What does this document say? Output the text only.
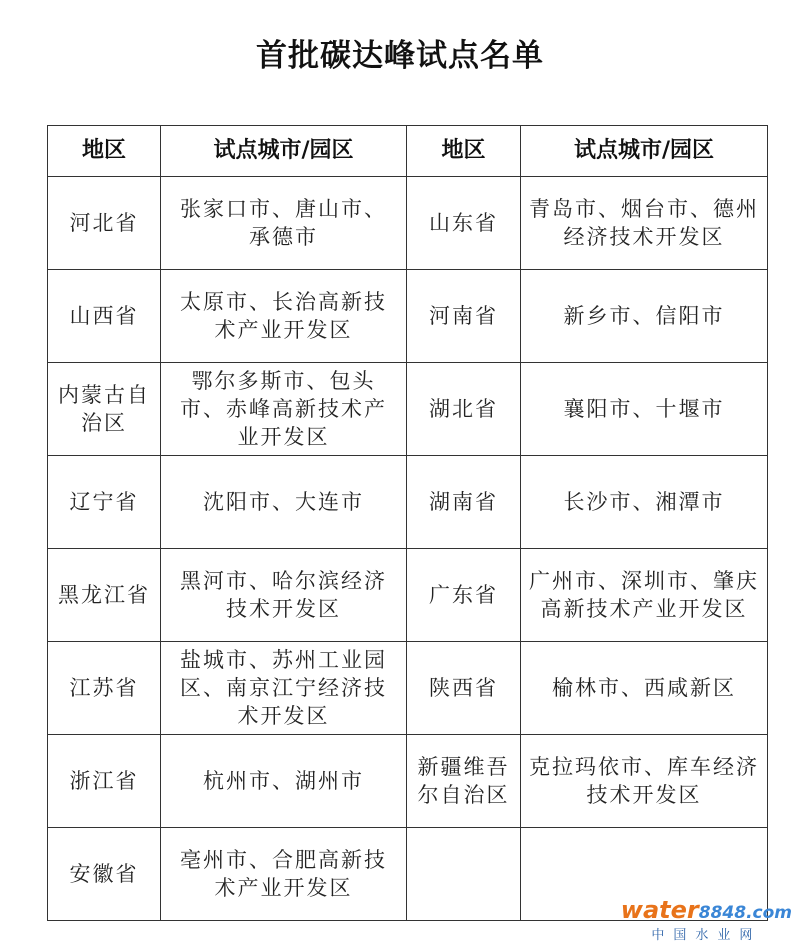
首批碳达峰试点名单
地区	试点城市/园区	地区	试点城市/园区
河北省	张家口市、唐山市、承德市	山东省	青岛市、烟台市、德州经济技术开发区
山西省	太原市、长治高新技术产业开发区	河南省	新乡市、信阳市
内蒙古自治区	鄂尔多斯市、包头市、赤峰高新技术产业开发区	湖北省	襄阳市、十堰市
辽宁省	沈阳市、大连市	湖南省	长沙市、湘潭市
黑龙江省	黑河市、哈尔滨经济技术开发区	广东省	广州市、深圳市、肇庆高新技术产业开发区
江苏省	盐城市、苏州工业园区、南京江宁经济技术开发区	陕西省	榆林市、西咸新区
浙江省	杭州市、湖州市	新疆维吾尔自治区	克拉玛依市、库车经济技术开发区
安徽省	亳州市、合肥高新技术产业开发区		
water8848.com
中国水业网
